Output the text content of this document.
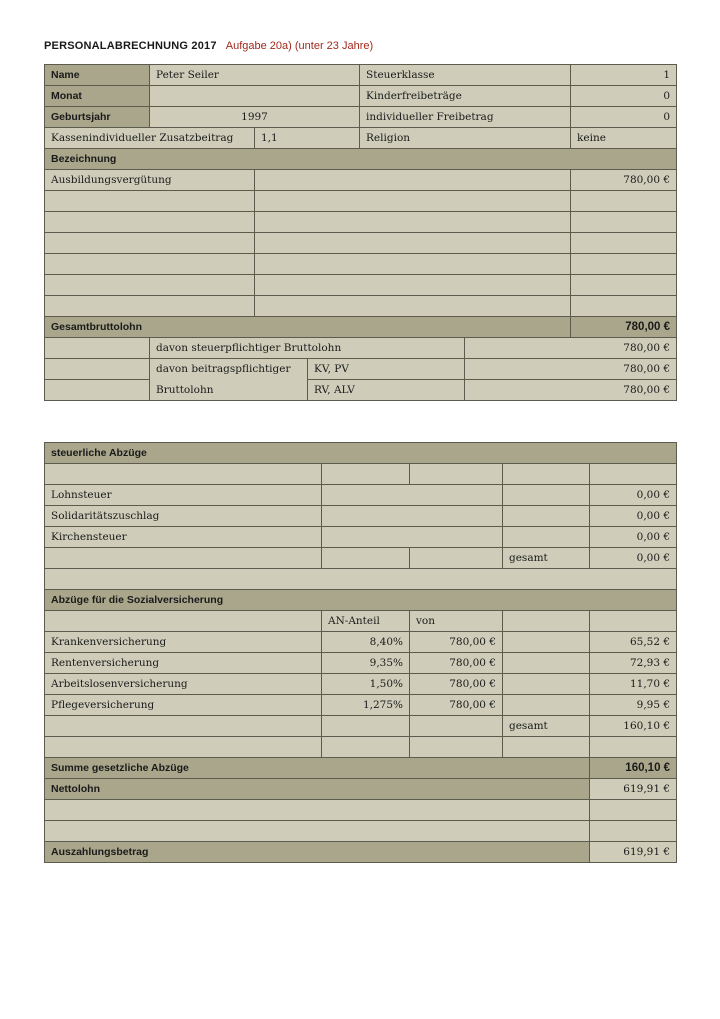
PERSONALABRECHNUNG 2017 Aufgabe 20a) (unter 23 Jahre)
Name	Peter Seiler			Steuerklasse		1
Monat				Kinderfreibeträge		0
Geburtsjahr	1997			individueller Freibetrag		0
Kassenindividueller Zusatzbeitrag		1,1		Religion		keine
Bezeichnung						
Ausbildungsvergütung						780,00 €

Gesamtbruttolohn						780,00 €
	davon steuerpflichtiger Bruttolohn				780,00 €	
	davon beitragspflichtiger		KV, PV		780,00 €	
	Bruttolohn		RV, ALV		780,00 €	
steuerliche Abzüge				

Lohnsteuer				0,00 €
Solidaritätszuschlag				0,00 €
Kirchensteuer				0,00 €
			gesamt	0,00 €

Abzüge für die Sozialversicherung				
	AN-Anteil	von		
Krankenversicherung	8,40%	780,00 €		65,52 €
Rentenversicherung	9,35%	780,00 €		72,93 €
Arbeitslosenversicherung	1,50%	780,00 €		11,70 €
Pflegeversicherung	1,275%	780,00 €		9,95 €
			gesamt	160,10 €

Summe gesetzliche Abzüge				160,10 €
Nettolohn				619,91 €

Auszahlungsbetrag				619,91 €
